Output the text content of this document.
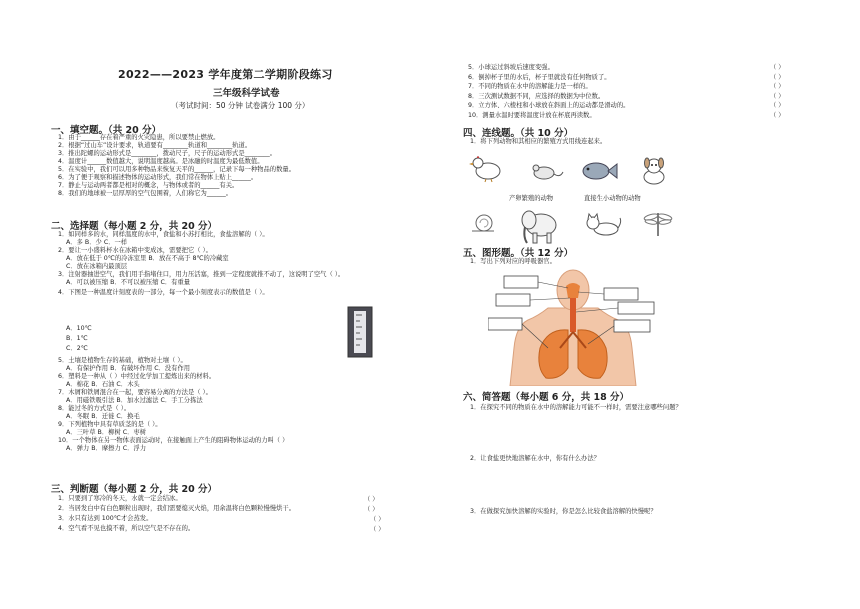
2022——2023 学年度第二学期阶段练习
三年级科学试卷
（考试时间：50 分钟 试卷满分 100 分）
一、填空题。（共 20 分）
1．由于______存在着严重的火灾隐患，所以要禁止燃放。
2．根据“过山车”设计要求，轨道要有________轨道和________轨道。
3．推出陀螺的运动形式是________，拨动尺子，尺子的运动形式是________。
4．温度计______数值越大，说明温度越高。是冰融的时温度为最低数值。
5．在实验中，我们可以用多种物品来恢复天平的______，记录下每一种物品的数量。
6．为了便于观察和描述物体的运动形式，我们常在物体上贴上______。
7．静止与运动两者都是相对的概念，与物体或者的______有关。
8．我们的地球被一层厚厚的空气包围着，人们称它为______。
二、选择题（每小题 2 分，共 20 分）
1．如同样多的水，同样温度的水中，食盐和小苏打相比，食盐溶解的（ ）。
A．多 B．少 C．一样
2．要让一小盛料杯水在冰箱中变成冰，需要把它（ ）。
A．放在低于 0℃的冷冻室里 B．放在不高于 8℃的冷藏室
C．放在冰箱内最顶层
3．注射器抽进空气，我们用手指堵住口，用力压活塞，推到一定程度就推不动了，这说明了空气（ ）。
A．可以被压缩 B．不可以被压缩 C．有重量
4．下图是一种温度计刻度表的一部分，每一个最小刻度表示的数值是（ ）。
A．10℃
B．1℃
C．2℃
5．土壤是植物生存的基础，植物对土壤（ ）。
A．有保护作用 B．有破坏作用 C．没有作用
6．塑料是一种从（ ）中经过化学加工提炼出来的材料。
A．棉花 B．石油 C．木头
7．木屑和铁屑混合在一起，要容易分离的方法是（ ）。
A．用磁铁吸引法 B．加水过滤法 C．手工分拣法
8．能过冬的方式是（ ）。
A．冬眠 B．迁徙 C．换毛
9．下列植物中具有草质茎的是（ ）。
A．三叶草 B．柳树 C．枣树
10．一个物体在另一物体表面运动时，在接触面上产生的阻碍物体运动的力叫（ ）
A．弹力 B．摩擦力 C．浮力
三、判断题（每小题 2 分，共 20 分）
1．只要到了寒冷的冬天，水就一定会结冰。
2．当居发白中有白色颗粒出现时，我们需要熄灭火焰，用余温将白色颗粒慢慢烘干。
3．水只有达到 100℃才会蒸发。
4．空气看不见也摸不着，所以空气是不存在的。
（ ）
（ ）
（ ）
（ ）
5．小球运过斜坡后速度变强。
6．倒掉杯子里的水后，杯子里就没有任何物质了。
7．不同的物质在水中的溶解能力是一样的。
8．三次测试数据不同，应选择的数据为中位数。
9．立方体、六棱柱和小球放在斜面上的运动都是滑动的。
10．测量水温时要将温度计放在杯底再读数。
（ ）
（ ）
（ ）
（ ）
（ ）
（ ）
四、连线题。（共 10 分）
1．将下列动物和其相应的繁殖方式用线连起来。
产卵繁殖的动物	直接生小动物的动物
五、图形题。（共 12 分）
1．写出下列对应的呼吸器官。
六、简答题（每小题 6 分，共 18 分）
1．在探究不同的物质在水中的溶解能力可能不一样时，需要注意哪些问题？
2．让食盐更快地溶解在水中，你有什么办法？
3．在做探究加快溶解的实验时，你是怎么比较食盐溶解的快慢呢？
